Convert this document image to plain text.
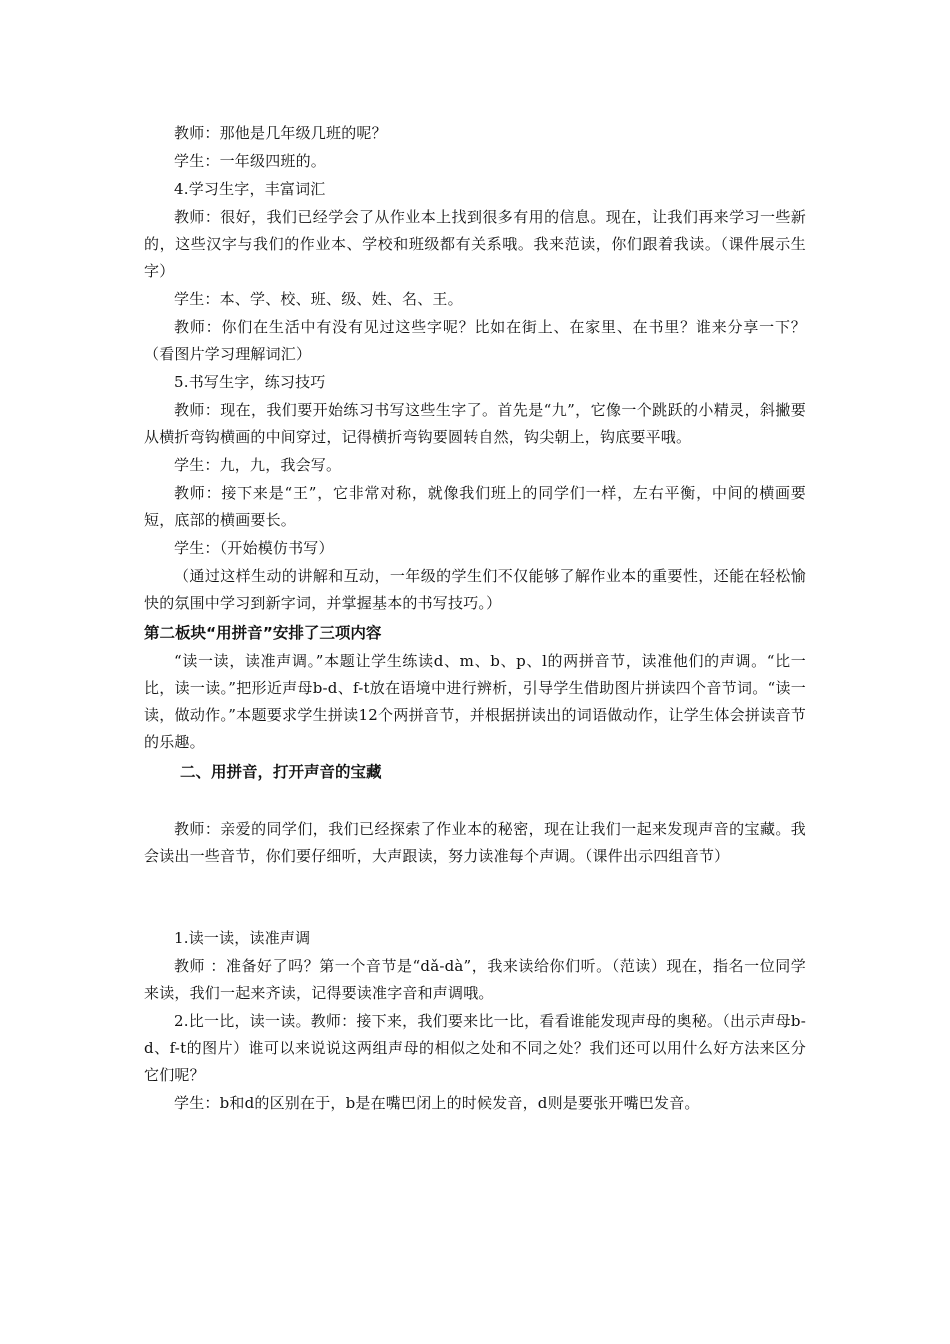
教师：那他是几年级几班的呢？

学生：一年级四班的。

4.学习生字，丰富词汇

教师：很好，我们已经学会了从作业本上找到很多有用的信息。现在，让我们再来学习一些新的，这些汉字与我们的作业本、学校和班级都有关系哦。我来范读，你们跟着我读。（课件展示生字）

学生：本、学、校、班、级、姓、名、王。

教师：你们在生活中有没有见过这些字呢？比如在街上、在家里、在书里？谁来分享一下？（看图片学习理解词汇）

5.书写生字，练习技巧

教师：现在，我们要开始练习书写这些生字了。首先是“九”，它像一个跳跃的小精灵，斜撇要从横折弯钩横画的中间穿过，记得横折弯钩要圆转自然，钩尖朝上，钩底要平哦。

学生：九，九，我会写。

教师：接下来是“王”，它非常对称，就像我们班上的同学们一样，左右平衡，中间的横画要短，底部的横画要长。

学生：（开始模仿书写）

（通过这样生动的讲解和互动，一年级的学生们不仅能够了解作业本的重要性，还能在轻松愉快的氛围中学习到新字词，并掌握基本的书写技巧。）

第二板块“用拼音”安排了三项内容

“读一读，读准声调。”本题让学生练读d、m、b、p、l的两拼音节，读准他们的声调。“比一比，读一读。”把形近声母b-d、f-t放在语境中进行辨析，引导学生借助图片拼读四个音节词。“读一读，做动作。”本题要求学生拼读12个两拼音节，并根据拼读出的词语做动作，让学生体会拼读音节的乐趣。

二、用拼音，打开声音的宝藏

教师：亲爱的同学们，我们已经探索了作业本的秘密，现在让我们一起来发现声音的宝藏。我会读出一些音节，你们要仔细听，大声跟读，努力读准每个声调。（课件出示四组音节）

1.读一读，读准声调

教师 ：准备好了吗？第一个音节是“dǎ-dà”，我来读给你们听。（范读）现在，指名一位同学来读，我们一起来齐读，记得要读准字音和声调哦。

2.比一比，读一读。教师：接下来，我们要来比一比，看看谁能发现声母的奥秘。（出示声母b-d、f-t的图片）谁可以来说说这两组声母的相似之处和不同之处？我们还可以用什么好方法来区分它们呢？

学生：b和d的区别在于，b是在嘴巴闭上的时候发音，d则是要张开嘴巴发音。
